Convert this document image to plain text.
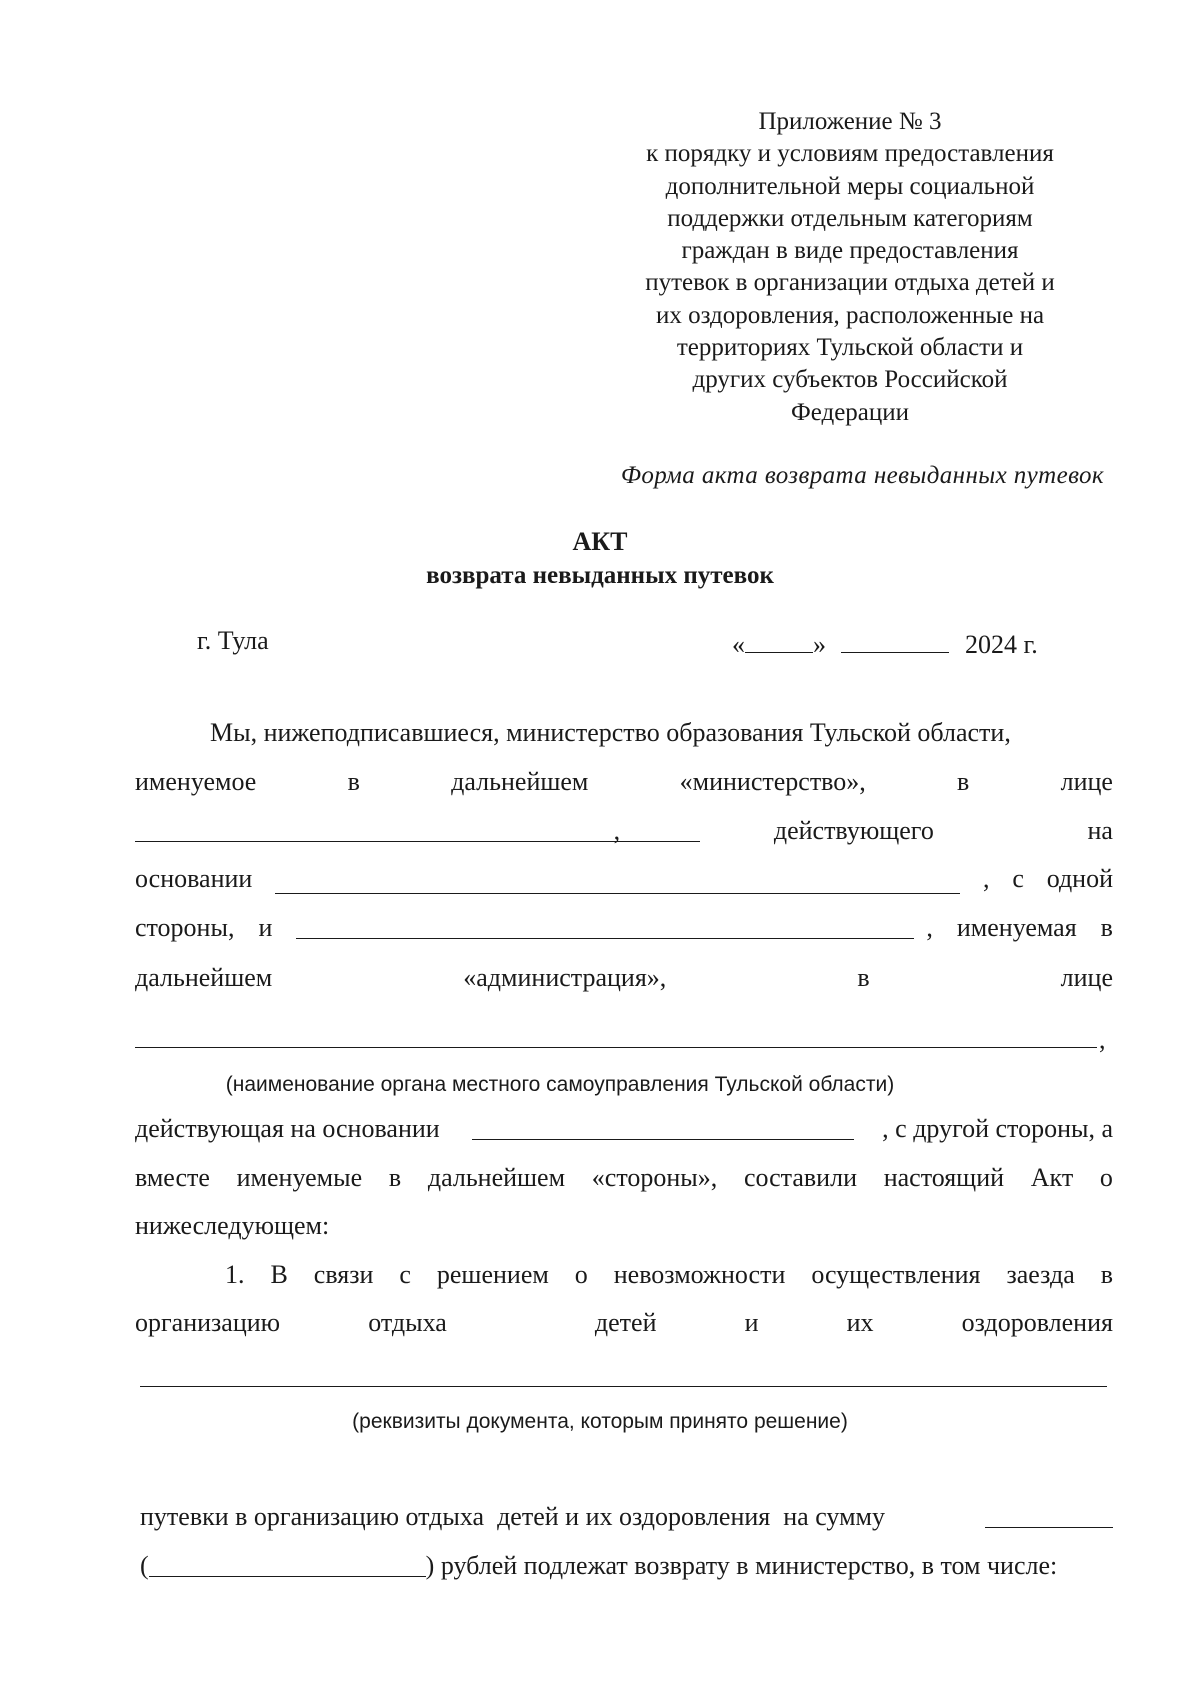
Приложение № 3
к порядку и условиям предоставления
дополнительной меры социальной
поддержки отдельным категориям
граждан в виде предоставления
путевок в организации отдыха детей и
их оздоровления, расположенные на
территориях Тульской области и
других субъектов Российской
Федерации
Форма акта возврата невыданных путевок
АКТ
возврата невыданных путевок
г. Тула	«	»	2024 г.
Мы, нижеподписавшиеся, министерство образования Тульской области,
именуемое	в	дальнейшем	«министерство»,	в	лице
,	действующего	на
основании	, с одной
стороны, и	, именуемая в
дальнейшем	«администрация»,	в	лице
,
(наименование органа местного самоуправления Тульской области)
действующая на основании	, с другой стороны, а
вместе именуемые в дальнейшем «стороны», составили настоящий Акт о
нижеследующем:
1. В связи с решением о невозможности осуществления заезда в
организацию	отдыха	детей	и	их	оздоровления
(реквизиты документа, которым принято решение)
путевки в организацию отдыха  детей и их оздоровления  на сумму
(	) рублей подлежат возврату в министерство, в том числе:
